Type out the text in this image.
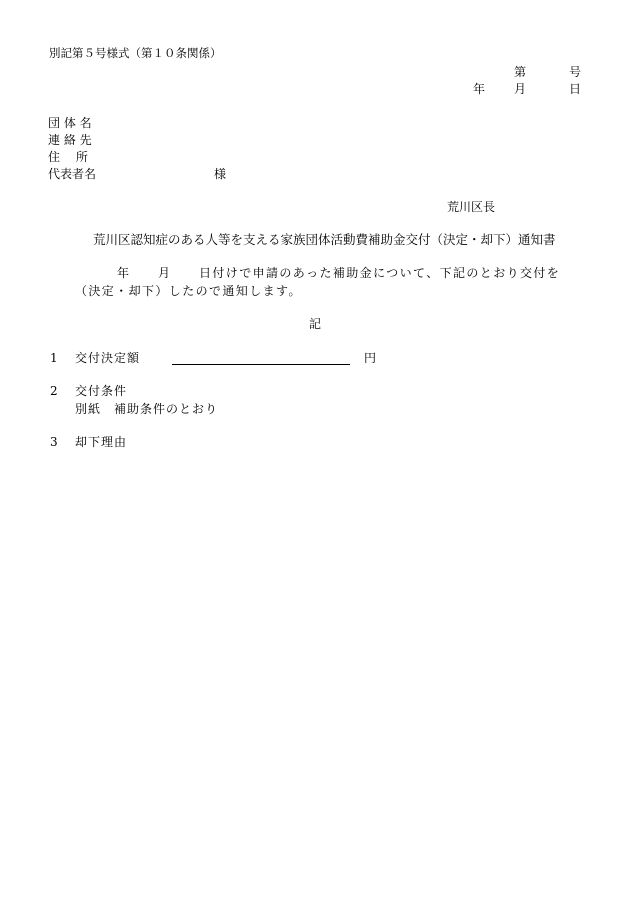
別記第５号様式（第１０条関係）
第	号
年 月	日
団 体 名
連 絡 先
住　 所
代表者名	様
荒川区長
荒川区認知症のある人等を支える家族団体活動費補助金交付（決定・却下）通知書
年 月 日付けで申請のあった補助金について、下記のとおり交付を
（決定・却下）したので通知します。
記
1 交付決定額	円
2 交付条件
別紙　補助条件のとおり
3 却下理由
